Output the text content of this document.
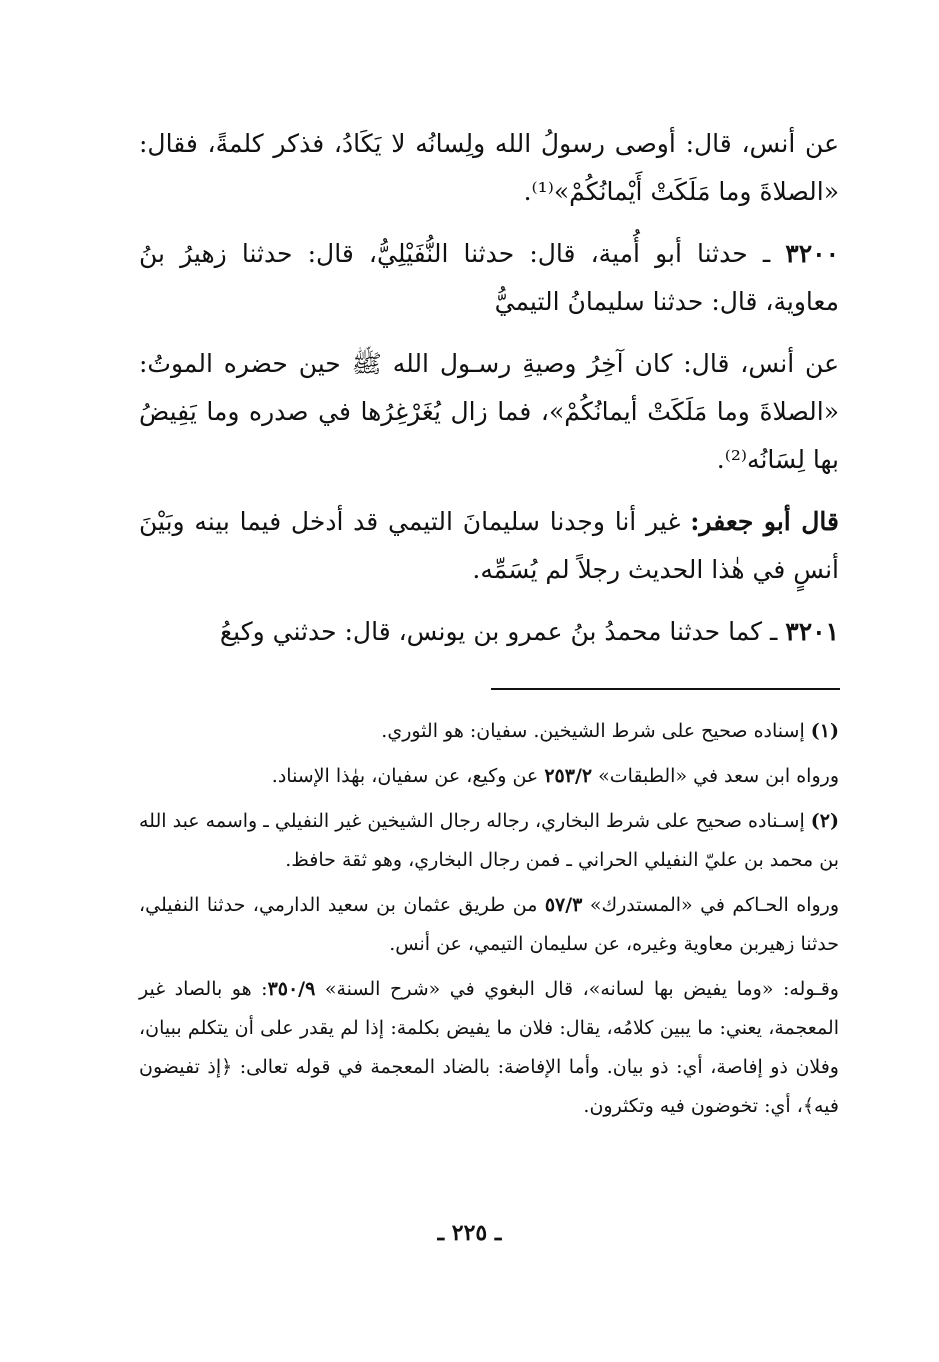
عن أنس، قال: أوصى رسولُ الله ولِسانُه لا يَكَادُ، فذكر كلمةً، فقال: «الصلاةَ وما مَلَكَتْ أَيْمانُكُمْ»⁽¹⁾.

٣٢٠٠ ـ حدثنا أبو أُمية، قال: حدثنا النُّفَيْلِيُّ، قال: حدثنا زهيرُ بنُ معاوية، قال: حدثنا سليمانُ التيميُّ

عن أنس، قال: كان آخِرُ وصيةِ رسـول الله ﷺ حين حضره الموتُ: «الصلاةَ وما مَلَكَتْ أيمانُكُمْ»، فما زال يُغَرْغِرُها في صدره وما يَفِيضُ بها لِسَانُه⁽²⁾.

قال أبو جعفر: غير أنا وجدنا سليمانَ التيمي قد أدخل فيما بينه وبَيْنَ أنسٍ في هٰذا الحديث رجلاً لم يُسَمِّه.

٣٢٠١ ـ كما حدثنا محمدُ بنُ عمرو بن يونس، قال: حدثني وكيعُ

(١) إسناده صحيح على شرط الشيخين. سفيان: هو الثوري.

ورواه ابن سعد في «الطبقات» ٢٥٣/٢ عن وكيع، عن سفيان، بهٰذا الإسناد.

(٢) إسـناده صحيح على شرط البخاري، رجاله رجال الشيخين غير النفيلي ـ واسمه عبد الله بن محمد بن عليّ النفيلي الحراني ـ فمن رجال البخاري، وهو ثقة حافظ.

ورواه الحـاكم في «المستدرك» ٥٧/٣ من طريق عثمان بن سعيد الدارمي، حدثنا النفيلي، حدثنا زهيربن معاوية وغيره، عن سليمان التيمي، عن أنس.

وقـوله: «وما يفيض بها لسانه»، قال البغوي في «شرح السنة» ٣٥٠/٩: هو بالصاد غير المعجمة، يعني: ما يبين كلامُه، يقال: فلان ما يفيض بكلمة: إذا لم يقدر على أن يتكلم ببيان، وفلان ذو إفاصة، أي: ذو بيان. وأما الإفاضة: بالضاد المعجمة في قوله تعالى: ﴿إذ تفيضون فيه﴾، أي: تخوضون فيه وتكثرون.

ـ ٢٢٥ ـ
